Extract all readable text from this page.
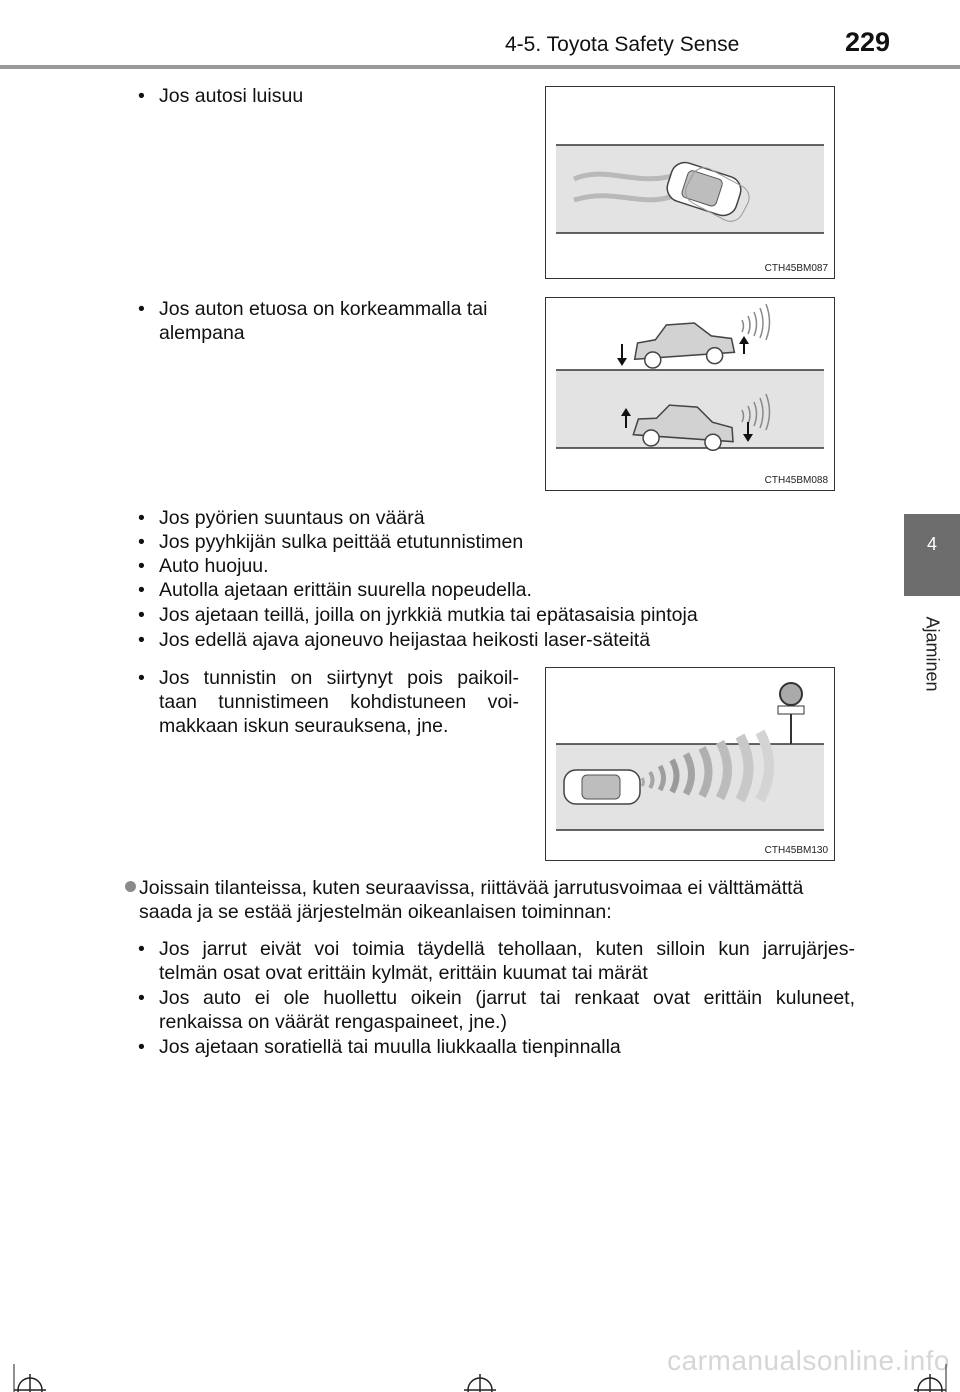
4-5. Toyota Safety Sense	229
4
Ajaminen
• Jos autosi luisuu
• Jos auton etuosa on korkeammalla tai
alempana
CTH45BM087
CTH45BM088
• Jos pyörien suuntaus on väärä
• Jos pyyhkijän sulka peittää etutunnistimen
• Auto huojuu.
• Autolla ajetaan erittäin suurella nopeudella.
• Jos ajetaan teillä, joilla on jyrkkiä mutkia tai epätasaisia pintoja
• Jos edellä ajava ajoneuvo heijastaa heikosti laser-säteitä
• Jos tunnistin on siirtynyt pois paikoil-
taan tunnistimeen kohdistuneen voi-
makkaan iskun seurauksena, jne.
CTH45BM130
Joissain tilanteissa, kuten seuraavissa, riittävää jarrutusvoimaa ei välttämättä
saada ja se estää järjestelmän oikeanlaisen toiminnan:
• Jos jarrut eivät voi toimia täydellä tehollaan, kuten silloin kun jarrujärjes-
telmän osat ovat erittäin kylmät, erittäin kuumat tai märät
• Jos auto ei ole huollettu oikein (jarrut tai renkaat ovat erittäin kuluneet,
renkaissa on väärät rengaspaineet, jne.)
• Jos ajetaan soratiellä tai muulla liukkaalla tienpinnalla
carmanualsonline.info
